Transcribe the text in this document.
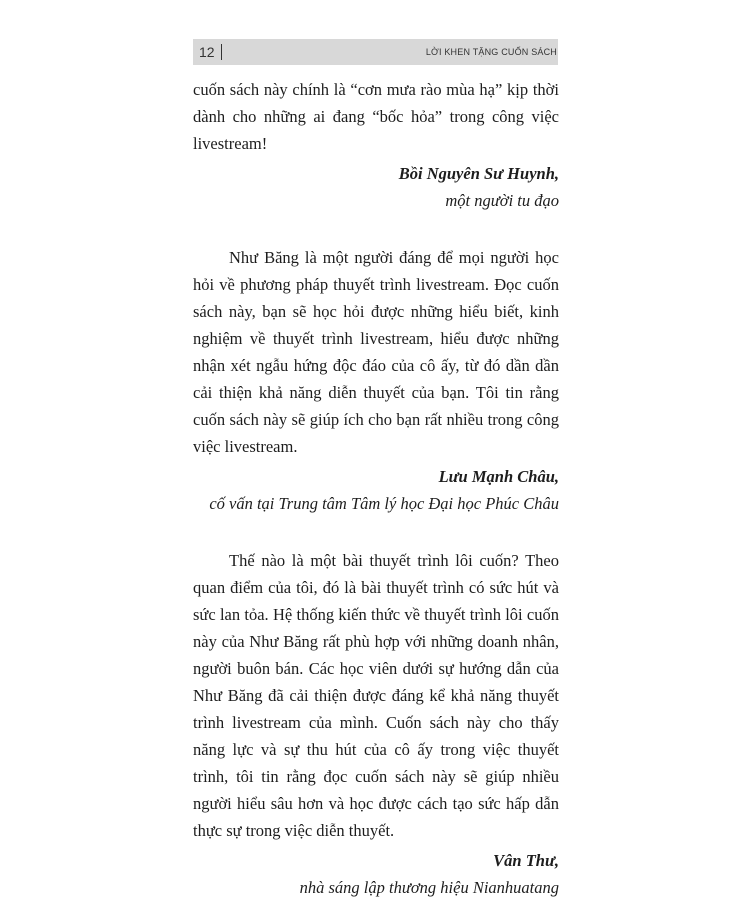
12	LỜI KHEN TẶNG CUỐN SÁCH

cuốn sách này chính là “cơn mưa rào mùa hạ” kịp thời dành cho những ai đang “bốc hỏa” trong công việc livestream!

Bồi Nguyên Sư Huynh,
một người tu đạo

Như Băng là một người đáng để mọi người học hỏi về phương pháp thuyết trình livestream. Đọc cuốn sách này, bạn sẽ học hỏi được những hiểu biết, kinh nghiệm về thuyết trình livestream, hiểu được những nhận xét ngẫu hứng độc đáo của cô ấy, từ đó dần dần cải thiện khả năng diễn thuyết của bạn. Tôi tin rằng cuốn sách này sẽ giúp ích cho bạn rất nhiều trong công việc livestream.

Lưu Mạnh Châu,
cố vấn tại Trung tâm Tâm lý học Đại học Phúc Châu

Thế nào là một bài thuyết trình lôi cuốn? Theo quan điểm của tôi, đó là bài thuyết trình có sức hút và sức lan tỏa. Hệ thống kiến thức về thuyết trình lôi cuốn này của Như Băng rất phù hợp với những doanh nhân, người buôn bán. Các học viên dưới sự hướng dẫn của Như Băng đã cải thiện được đáng kể khả năng thuyết trình livestream của mình. Cuốn sách này cho thấy năng lực và sự thu hút của cô ấy trong việc thuyết trình, tôi tin rằng đọc cuốn sách này sẽ giúp nhiều người hiểu sâu hơn và học được cách tạo sức hấp dẫn thực sự trong việc diễn thuyết.

Vân Thư,
nhà sáng lập thương hiệu Nianhuatang
